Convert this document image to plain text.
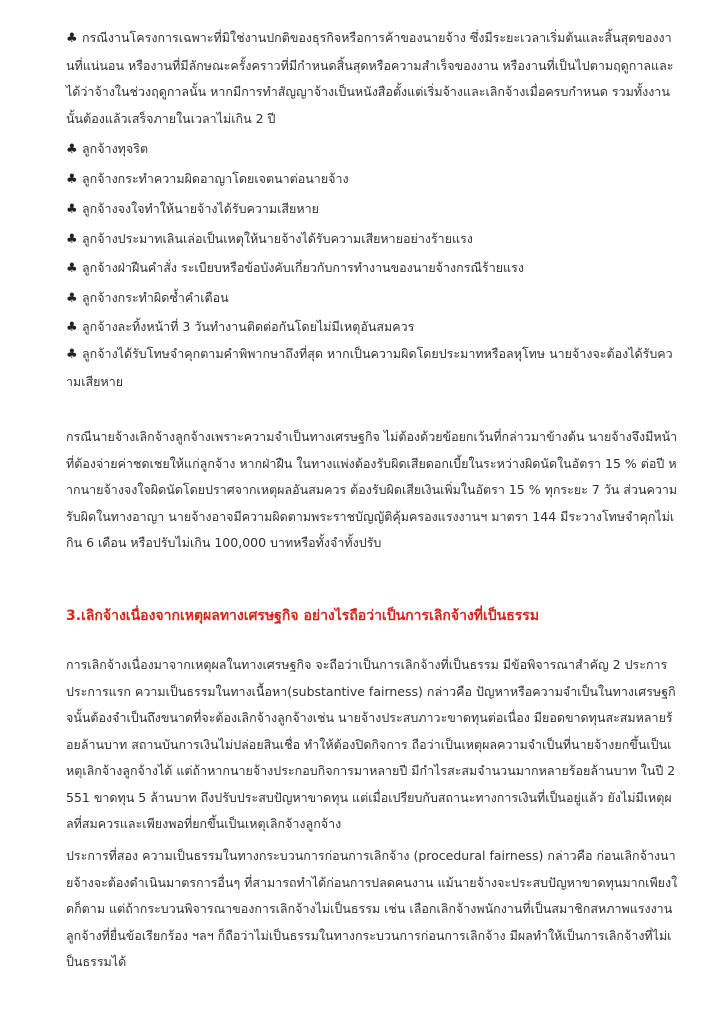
♣ กรณีงานโครงการเฉพาะที่มิใช่งานปกติของธุรกิจหรือการค้าของนายจ้าง ซึ่งมีระยะเวลาเริ่มต้นและสิ้นสุดของงานที่แน่นอน หรืองานที่มีลักษณะครั้งคราวที่มีกำหนดสิ้นสุดหรือความสำเร็จของงาน หรืองานที่เป็นไปตามฤดูกาลและได้ว่าจ้างในช่วงฤดูกาลนั้น หากมีการทำสัญญาจ้างเป็นหนังสือตั้งแต่เริ่มจ้างและเลิกจ้างเมื่อครบกำหนด รวมทั้งงานนั้นต้องแล้วเสร็จภายในเวลาไม่เกิน 2 ปี

♣ ลูกจ้างทุจริต

♣ ลูกจ้างกระทำความผิดอาญาโดยเจตนาต่อนายจ้าง

♣ ลูกจ้างจงใจทำให้นายจ้างได้รับความเสียหาย

♣ ลูกจ้างประมาทเลินเล่อเป็นเหตุให้นายจ้างได้รับความเสียหายอย่างร้ายแรง

♣ ลูกจ้างฝ่าฝืนคำสั่ง ระเบียบหรือข้อบังคับเกี่ยวกับการทำงานของนายจ้างกรณีร้ายแรง

♣ ลูกจ้างกระทำผิดซ้ำคำเตือน

♣ ลูกจ้างละทิ้งหน้าที่ 3 วันทำงานติดต่อกันโดยไม่มีเหตุอันสมควร

♣ ลูกจ้างได้รับโทษจำคุกตามคำพิพากษาถึงที่สุด หากเป็นความผิดโดยประมาทหรือลหุโทษ นายจ้างจะต้องได้รับความเสียหาย

กรณีนายจ้างเลิกจ้างลูกจ้างเพราะความจำเป็นทางเศรษฐกิจ ไม่ต้องด้วยข้อยกเว้นที่กล่าวมาข้างต้น นายจ้างจึงมีหน้าที่ต้องจ่ายค่าชดเชยให้แก่ลูกจ้าง หากฝ่าฝืน ในทางแพ่งต้องรับผิดเสียดอกเบี้ยในระหว่างผิดนัดในอัตรา 15 % ต่อปี หากนายจ้างจงใจผิดนัดโดยปราศจากเหตุผลอันสมควร ต้องรับผิดเสียเงินเพิ่มในอัตรา 15 % ทุกระยะ 7 วัน ส่วนความรับผิดในทางอาญา นายจ้างอาจมีความผิดตามพระราชบัญญัติคุ้มครองแรงงานฯ มาตรา 144 มีระวางโทษจำคุกไม่เกิน 6 เดือน หรือปรับไม่เกิน 100,000 บาทหรือทั้งจำทั้งปรับ

3.เลิกจ้างเนื่องจากเหตุผลทางเศรษฐกิจ อย่างไรถือว่าเป็นการเลิกจ้างที่เป็นธรรม

การเลิกจ้างเนื่องมาจากเหตุผลในทางเศรษฐกิจ จะถือว่าเป็นการเลิกจ้างที่เป็นธรรม มีข้อพิจารณาสำคัญ 2 ประการ ประการแรก ความเป็นธรรมในทางเนื้อหา(substantive fairness) กล่าวคือ ปัญหาหรือความจำเป็นในทางเศรษฐกิจนั้นต้องจำเป็นถึงขนาดที่จะต้องเลิกจ้างลูกจ้างเช่น นายจ้างประสบภาวะขาดทุนต่อเนื่อง มียอดขาดทุนสะสมหลายร้อยล้านบาท สถานบันการเงินไม่ปล่อยสินเชื่อ ทำให้ต้องปิดกิจการ ถือว่าเป็นเหตุผลความจำเป็นที่นายจ้างยกขึ้นเป็นเหตุเลิกจ้างลูกจ้างได้ แต่ถ้าหากนายจ้างประกอบกิจการมาหลายปี มีกำไรสะสมจำนวนมากหลายร้อยล้านบาท ในปี 2551 ขาดทุน 5 ล้านบาท ถึงปรับประสบปัญหาขาดทุน แต่เมื่อเปรียบกับสถานะทางการเงินที่เป็นอยู่แล้ว ยังไม่มีเหตุผลที่สมควรและเพียงพอที่ยกขึ้นเป็นเหตุเลิกจ้างลูกจ้าง

ประการที่สอง ความเป็นธรรมในทางกระบวนการก่อนการเลิกจ้าง (procedural fairness) กล่าวคือ ก่อนเลิกจ้างนายจ้างจะต้องดำเนินมาตรการอื่นๆ ที่สามารถทำได้ก่อนการปลดคนงาน แม้นายจ้างจะประสบปัญหาขาดทุนมากเพียงใดก็ตาม แต่ถ้ากระบวนพิจารณาของการเลิกจ้างไม่เป็นธรรม เช่น เลือกเลิกจ้างพนักงานที่เป็นสมาชิกสหภาพแรงงาน ลูกจ้างที่ยื่นข้อเรียกร้อง ฯลฯ ก็ถือว่าไม่เป็นธรรมในทางกระบวนการก่อนการเลิกจ้าง มีผลทำให้เป็นการเลิกจ้างที่ไม่เป็นธรรมได้
